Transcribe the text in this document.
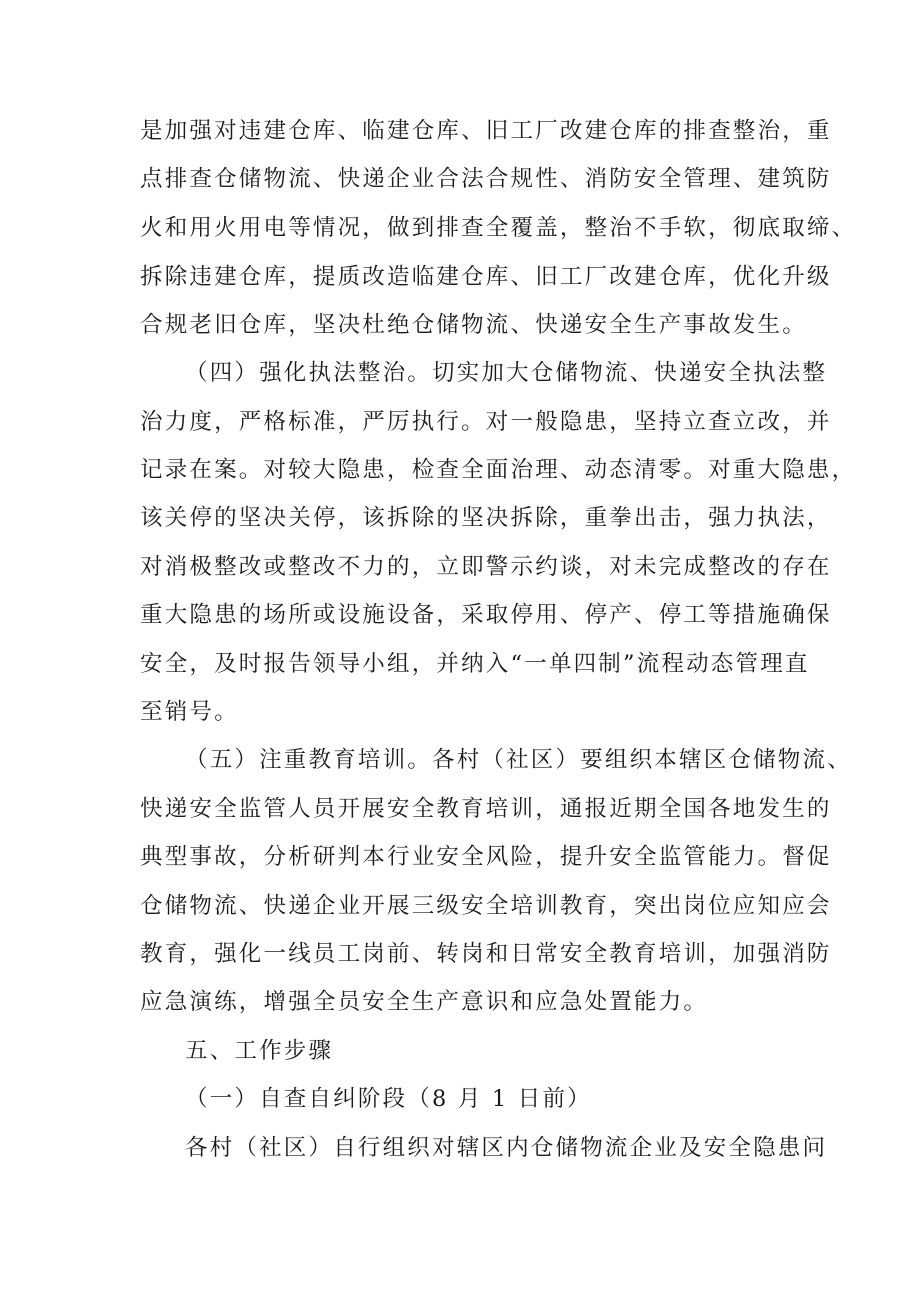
是加强对违建仓库、临建仓库、旧工厂改建仓库的排查整治，重
点排查仓储物流、快递企业合法合规性、消防安全管理、建筑防
火和用火用电等情况，做到排查全覆盖，整治不手软，彻底取缔、
拆除违建仓库，提质改造临建仓库、旧工厂改建仓库，优化升级
合规老旧仓库，坚决杜绝仓储物流、快递安全生产事故发生。
（四）强化执法整治。切实加大仓储物流、快递安全执法整
治力度，严格标准，严厉执行。对一般隐患，坚持立查立改，并
记录在案。对较大隐患，检查全面治理、动态清零。对重大隐患，
该关停的坚决关停，该拆除的坚决拆除，重拳出击，强力执法，
对消极整改或整改不力的，立即警示约谈，对未完成整改的存在
重大隐患的场所或设施设备，采取停用、停产、停工等措施确保
安全，及时报告领导小组，并纳入“一单四制”流程动态管理直
至销号。
（五）注重教育培训。各村（社区）要组织本辖区仓储物流、
快递安全监管人员开展安全教育培训，通报近期全国各地发生的
典型事故，分析研判本行业安全风险，提升安全监管能力。督促
仓储物流、快递企业开展三级安全培训教育，突出岗位应知应会
教育，强化一线员工岗前、转岗和日常安全教育培训，加强消防
应急演练，增强全员安全生产意识和应急处置能力。
五、工作步骤
（一）自查自纠阶段（8 月 1 日前）
各村（社区）自行组织对辖区内仓储物流企业及安全隐患问
